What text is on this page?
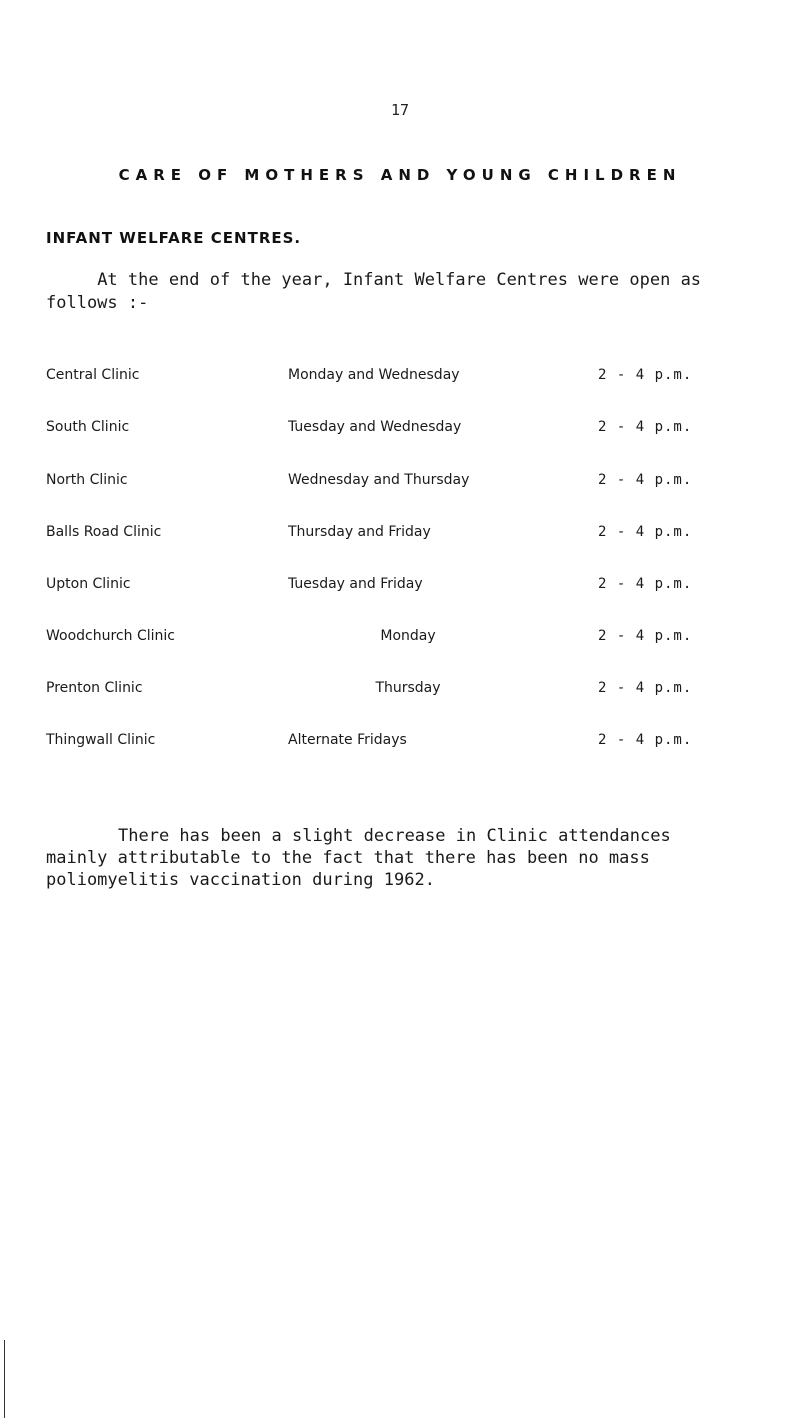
17
CARE OF MOTHERS AND YOUNG CHILDREN
INFANT WELFARE CENTRES.
At the end of the year, Infant Welfare Centres were open as
follows :-
Central Clinic	Monday and Wednesday	2 - 4 p.m.
South Clinic	Tuesday and Wednesday	2 - 4 p.m.
North Clinic	Wednesday and Thursday	2 - 4 p.m.
Balls Road Clinic	Thursday and Friday	2 - 4 p.m.
Upton Clinic	Tuesday and Friday	2 - 4 p.m.
Woodchurch Clinic	Monday	2 - 4 p.m.
Prenton Clinic	Thursday	2 - 4 p.m.
Thingwall Clinic	Alternate Fridays	2 - 4 p.m.
There has been a slight decrease in Clinic attendances
mainly attributable to the fact that there has been no mass
poliomyelitis vaccination during 1962.
